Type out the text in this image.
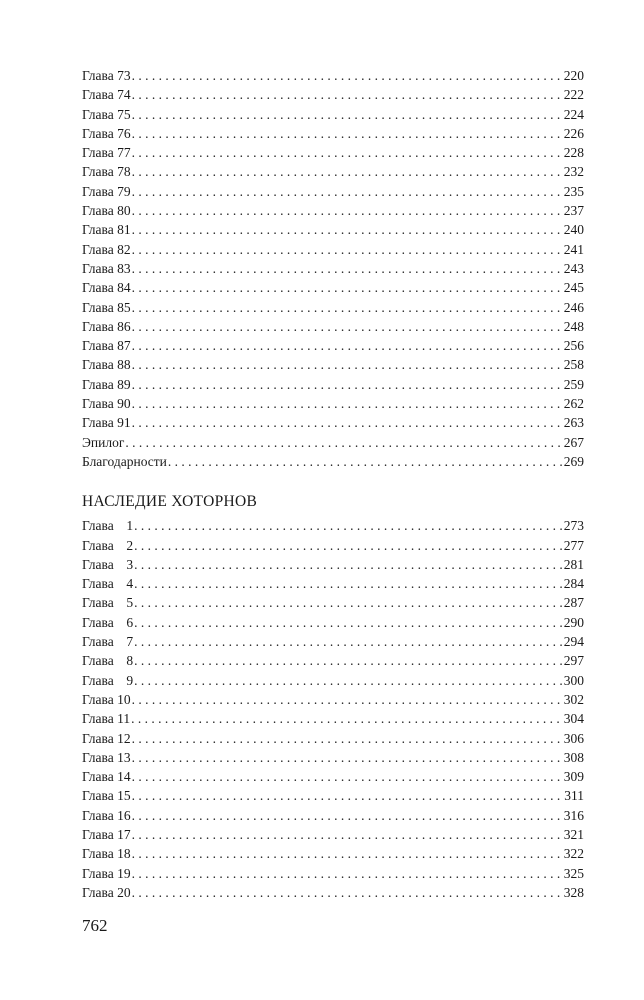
Глава 73 . . .	220
Глава 74 . . .	222
Глава 75 . . .	224
Глава 76 . . .	226
Глава 77 . . .	228
Глава 78 . . .	232
Глава 79 . . .	235
Глава 80 . . .	237
Глава 81 . . .	240
Глава 82 . . .	241
Глава 83 . . .	243
Глава 84 . . .	245
Глава 85 . . .	246
Глава 86 . . .	248
Глава 87 . . .	256
Глава 88 . . .	258
Глава 89 . . .	259
Глава 90 . . .	262
Глава 91 . . .	263
Эпилог . . .	267
Благодарности . . .	269
НАСЛЕДИЕ ХОТОРНОВ
Глава 1 . . .	273
Глава 2 . . .	277
Глава 3 . . .	281
Глава 4 . . .	284
Глава 5 . . .	287
Глава 6 . . .	290
Глава 7 . . .	294
Глава 8 . . .	297
Глава 9 . . .	300
Глава 10 . . .	302
Глава 11 . . .	304
Глава 12 . . .	306
Глава 13 . . .	308
Глава 14 . . .	309
Глава 15 . . .	311
Глава 16 . . .	316
Глава 17 . . .	321
Глава 18 . . .	322
Глава 19 . . .	325
Глава 20 . . .	328
762
